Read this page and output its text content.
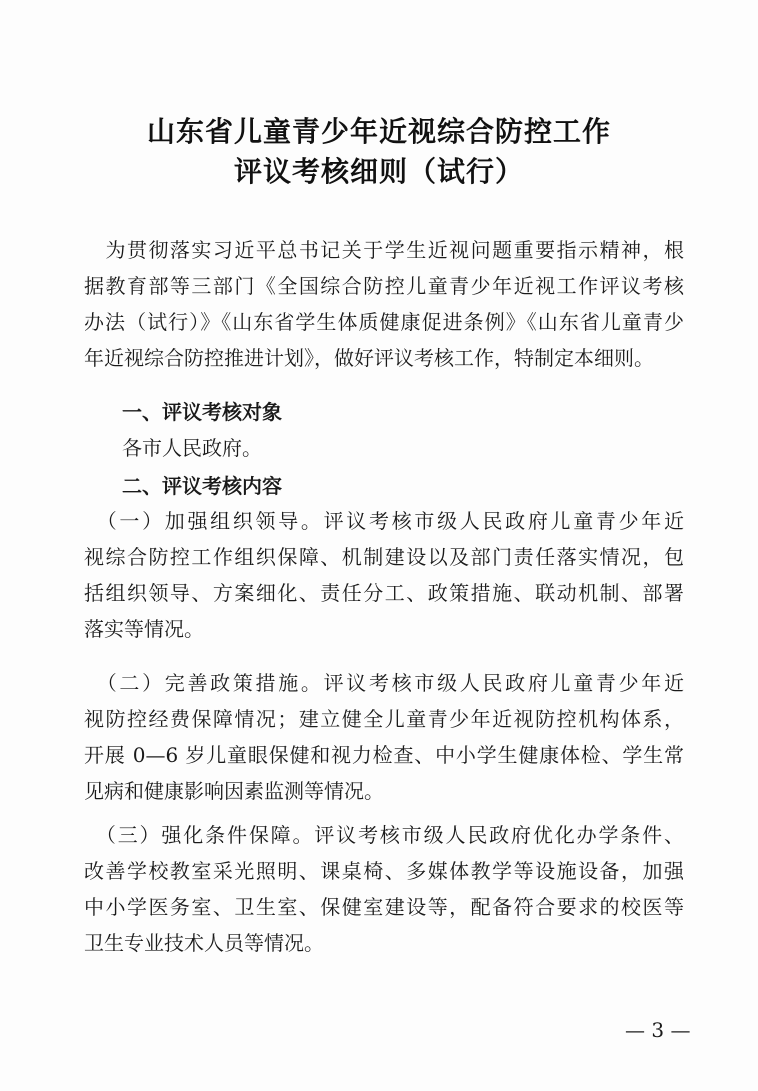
山东省儿童青少年近视综合防控工作
评议考核细则（试行）
　为贯彻落实习近平总书记关于学生近视问题重要指示精神，根
据教育部等三部门《全国综合防控儿童青少年近视工作评议考核
办法（试行）》《山东省学生体质健康促进条例》《山东省儿童青少
年近视综合防控推进计划》，做好评议考核工作，特制定本细则。
一、评议考核对象
各市人民政府。
二、评议考核内容
　（一）加强组织领导。评议考核市级人民政府儿童青少年近
视综合防控工作组织保障、机制建设以及部门责任落实情况，包
括组织领导、方案细化、责任分工、政策措施、联动机制、部署
落实等情况。
　（二）完善政策措施。评议考核市级人民政府儿童青少年近
视防控经费保障情况；建立健全儿童青少年近视防控机构体系，
开展 0—6 岁儿童眼保健和视力检查、中小学生健康体检、学生常
见病和健康影响因素监测等情况。
　（三）强化条件保障。评议考核市级人民政府优化办学条件、
改善学校教室采光照明、课桌椅、多媒体教学等设施设备，加强
中小学医务室、卫生室、保健室建设等，配备符合要求的校医等
卫生专业技术人员等情况。
— 3 —
